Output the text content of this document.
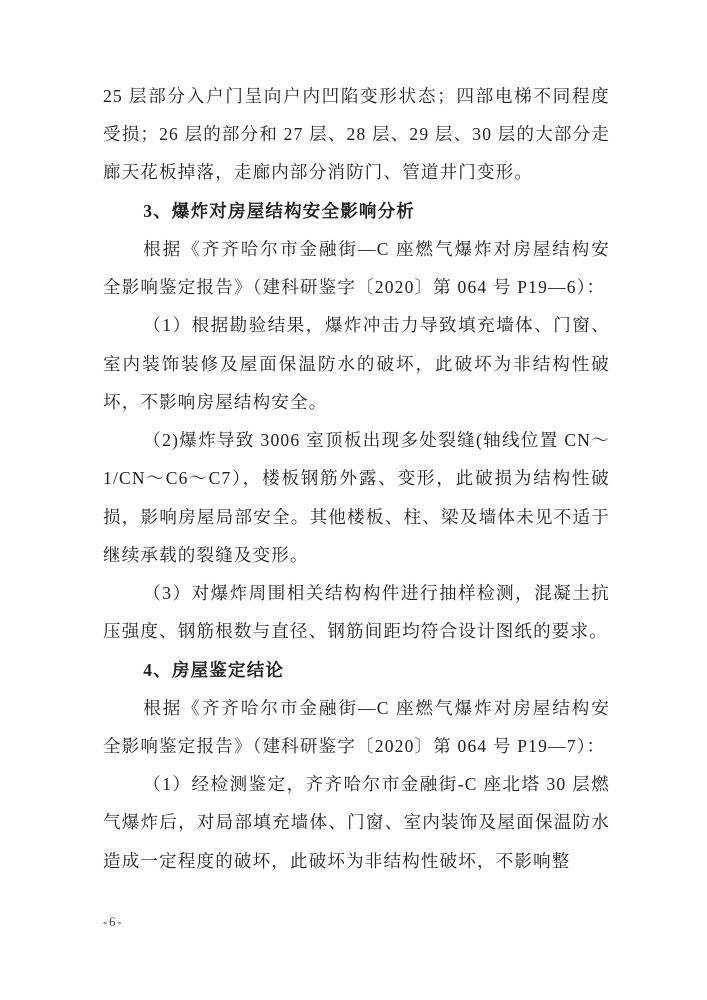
25 层部分入户门呈向户内凹陷变形状态；四部电梯不同程度受损；26 层的部分和 27 层、28 层、29 层、30 层的大部分走廊天花板掉落，走廊内部分消防门、管道井门变形。

3、爆炸对房屋结构安全影响分析

根据《齐齐哈尔市金融街—C 座燃气爆炸对房屋结构安全影响鉴定报告》（建科研鉴字〔2020〕第 064 号 P19—6）：

（1）根据勘验结果，爆炸冲击力导致填充墙体、门窗、室内装饰装修及屋面保温防水的破坏，此破坏为非结构性破坏，不影响房屋结构安全。

（2)爆炸导致 3006 室顶板出现多处裂缝(轴线位置 CN～1/CN～C6～C7），楼板钢筋外露、变形，此破损为结构性破损，影响房屋局部安全。其他楼板、柱、梁及墙体未见不适于继续承载的裂缝及变形。

（3）对爆炸周围相关结构构件进行抽样检测，混凝土抗压强度、钢筋根数与直径、钢筋间距均符合设计图纸的要求。

4、房屋鉴定结论

根据《齐齐哈尔市金融街—C 座燃气爆炸对房屋结构安全影响鉴定报告》（建科研鉴字〔2020〕第 064 号 P19—7）：

（1）经检测鉴定，齐齐哈尔市金融街-C 座北塔 30 层燃气爆炸后，对局部填充墙体、门窗、室内装饰及屋面保温防水造成一定程度的破坏，此破坏为非结构性破坏，不影响整

-6-
